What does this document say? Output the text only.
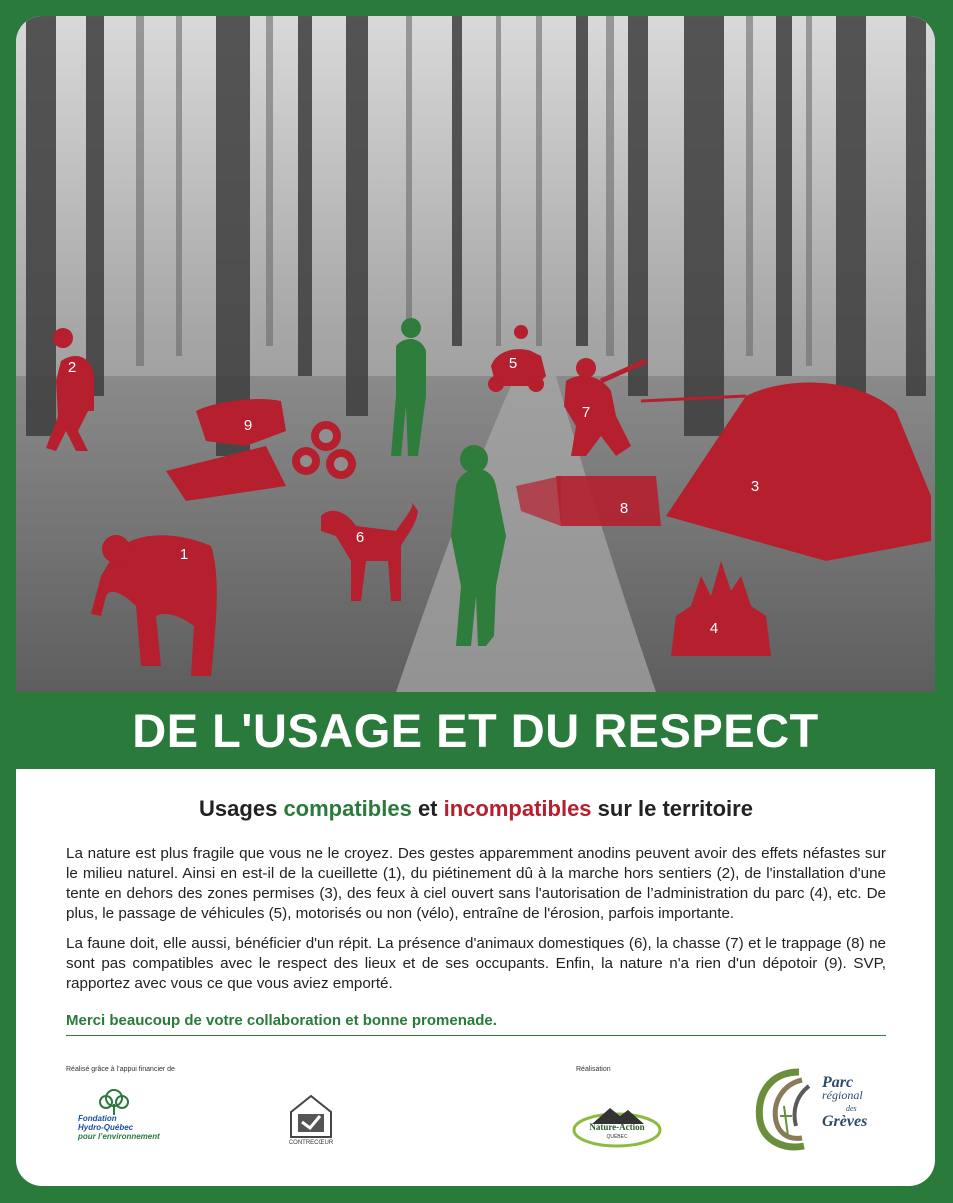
1
2
3
4
5
6
7
8
9
DE L'USAGE ET DU RESPECT
Usages compatibles et incompatibles sur le territoire

La nature est plus fragile que vous ne le croyez. Des gestes apparemment anodins peuvent avoir des effets néfastes sur le milieu naturel. Ainsi en est-il de la cueillette (1), du piétinement dû à la marche hors sentiers (2), de l'installation d'une tente en dehors des zones permises (3), des feux à ciel ouvert sans l'autorisation de l’administration du parc (4), etc. De plus, le passage de véhicules (5), motorisés ou non (vélo), entraîne de l'érosion, parfois importante.

La faune doit, elle aussi, bénéficier d'un répit. La présence d'animaux domestiques (6), la chasse (7) et le trappage (8) ne sont pas compatibles avec le respect des lieux et de ses occupants. Enfin, la nature n'a rien d'un dépotoir (9). SVP, rapportez avec vous ce que vous aviez emporté.

Merci beaucoup de votre collaboration et bonne promenade.
Réalisé grâce à l’appui financier de	Réalisation
Fondation
Hydro-Québec
pour l’environnement
CONTRECŒUR
Nature-Action
QUÉBEC
Parc
régional
des
Grèves
